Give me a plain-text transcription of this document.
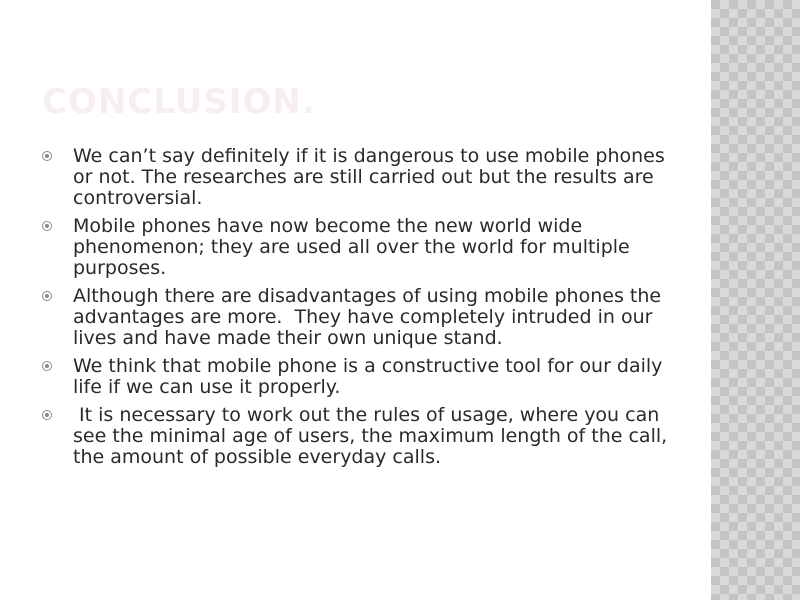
CONCLUSION.
We can’t say definitely if it is dangerous to use mobile phones or not. The researches are still carried out but the results are controversial.
Mobile phones have now become the new world wide phenomenon; they are used all over the world for multiple purposes.
Although there are disadvantages of using mobile phones the advantages are more.  They have completely intruded in our lives and have made their own unique stand.
We think that mobile phone is a constructive tool for our daily life if we can use it properly.
It is necessary to work out the rules of usage, where you can see the minimal age of users, the maximum length of the call, the amount of possible everyday calls.
